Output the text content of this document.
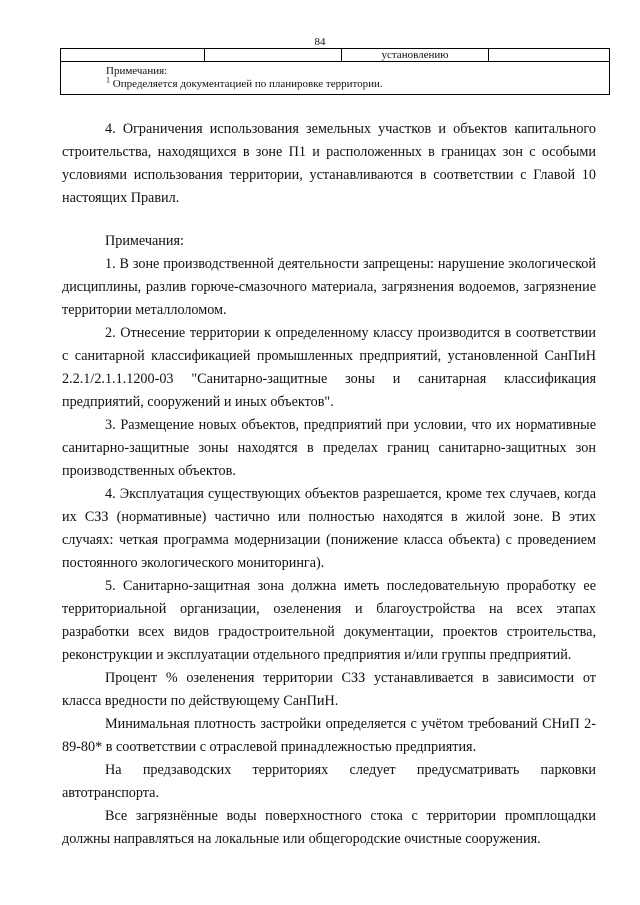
84
		установлению	

Примечания:
$^1$ Определяется документацией по планировке территории.

4. Ограничения использования земельных участков и объектов капитального строительства, находящихся в зоне П1 и расположенных в границах зон с особыми условиями использования территории, устанавливаются в соответствии с Главой 10 настоящих Правил.

Примечания:

1. В зоне производственной деятельности запрещены: нарушение экологической дисциплины, разлив горюче-смазочного материала, загрязнения водоемов, загрязнение территории металлоломом.

2. Отнесение территории к определенному классу производится в соответствии с санитарной классификацией промышленных предприятий, установленной СанПиН 2.2.1/2.1.1.1200-03 "Санитарно-защитные зоны и санитарная классификация предприятий, сооружений и иных объектов".

3. Размещение новых объектов, предприятий при условии, что их нормативные санитарно-защитные зоны находятся в пределах границ санитарно-защитных зон производственных объектов.

4. Эксплуатация существующих объектов разрешается, кроме тех случаев, когда их СЗЗ (нормативные) частично или полностью находятся в жилой зоне. В этих случаях: четкая программа модернизации (понижение класса объекта) с проведением постоянного экологического мониторинга).

5. Санитарно-защитная зона должна иметь последовательную проработку ее территориальной организации, озеленения и благоустройства на всех этапах разработки всех видов градостроительной документации, проектов строительства, реконструкции и эксплуатации отдельного предприятия и/или группы предприятий.

Процент % озеленения территории СЗЗ устанавливается в зависимости от класса вредности по действующему СанПиН.

Минимальная плотность застройки определяется с учётом требований СНиП 2-89-80* в соответствии с отраслевой принадлежностью предприятия.

На предзаводских территориях следует предусматривать парковки автотранспорта.

Все загрязнённые воды поверхностного стока с территории промплощадки должны направляться на локальные или общегородские очистные сооружения.
